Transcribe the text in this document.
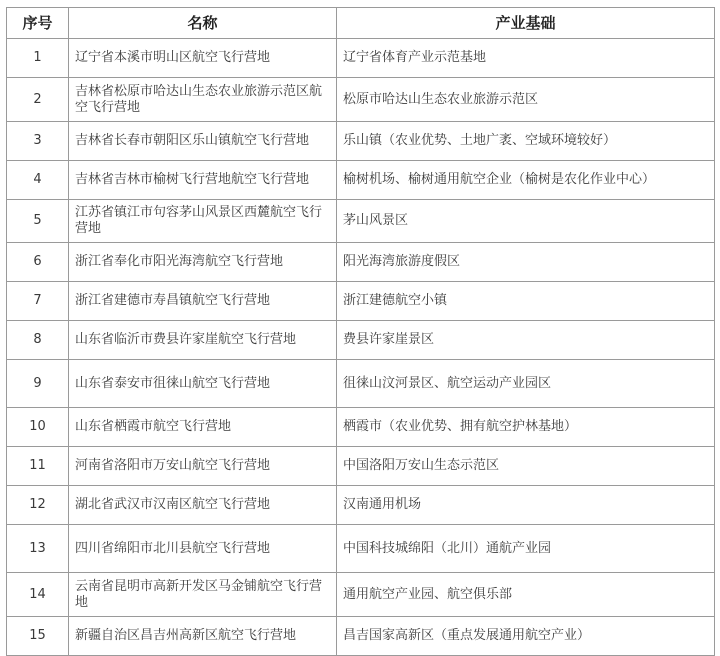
序号	名称	产业基础
1	辽宁省本溪市明山区航空飞行营地	辽宁省体育产业示范基地
2	吉林省松原市哈达山生态农业旅游示范区航空飞行营地	松原市哈达山生态农业旅游示范区
3	吉林省长春市朝阳区乐山镇航空飞行营地	乐山镇（农业优势、土地广袤、空域环境较好）
4	吉林省吉林市榆树飞行营地航空飞行营地	榆树机场、榆树通用航空企业（榆树是农化作业中心）
5	江苏省镇江市句容茅山风景区西麓航空飞行营地	茅山风景区
6	浙江省奉化市阳光海湾航空飞行营地	阳光海湾旅游度假区
7	浙江省建德市寿昌镇航空飞行营地	浙江建德航空小镇
8	山东省临沂市费县许家崖航空飞行营地	费县许家崖景区
9	山东省泰安市徂徕山航空飞行营地	徂徕山汶河景区、航空运动产业园区
10	山东省栖霞市航空飞行营地	栖霞市（农业优势、拥有航空护林基地）
11	河南省洛阳市万安山航空飞行营地	中国洛阳万安山生态示范区
12	湖北省武汉市汉南区航空飞行营地	汉南通用机场
13	四川省绵阳市北川县航空飞行营地	中国科技城绵阳（北川）通航产业园
14	云南省昆明市高新开发区马金铺航空飞行营地	通用航空产业园、航空俱乐部
15	新疆自治区昌吉州高新区航空飞行营地	昌吉国家高新区（重点发展通用航空产业）
